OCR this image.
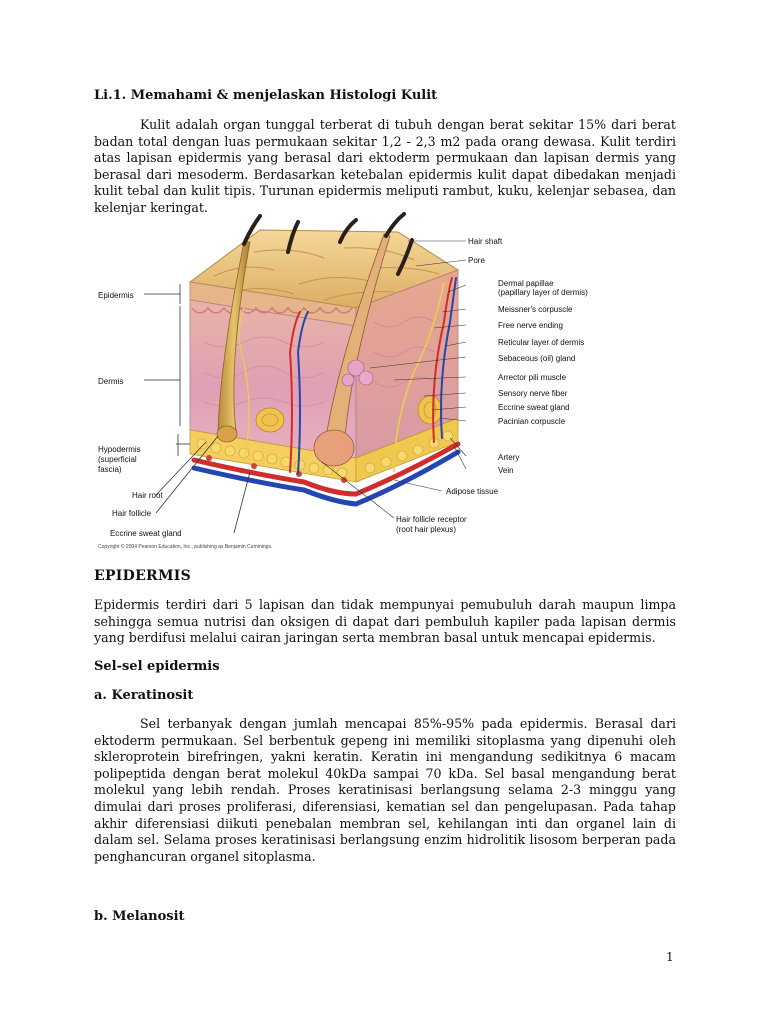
Li.1. Memahami & menjelaskan Histologi Kulit

Kulit adalah organ tunggal terberat di tubuh dengan berat sekitar 15% dari berat badan total dengan luas permukaan sekitar 1,2 - 2,3 m2 pada orang dewasa. Kulit terdiri atas lapisan epidermis yang berasal dari ektoderm permukaan dan lapisan dermis yang berasal dari mesoderm. Berdasarkan ketebalan epidermis kulit dapat dibedakan menjadi kulit tebal dan kulit tipis. Turunan epidermis meliputi rambut, kuku, kelenjar sebasea, dan kelenjar keringat.

Epidermis
Dermis
Hypodermis
(superficial
fascia)
Hair root
Hair follicle
Eccrine sweat gland
Hair shaft
Pore
Dermal papillae
(papillary layer of dermis)
Meissner's corpuscle
Free nerve ending
Reticular layer of dermis
Sebaceous (oil) gland
Arrector pili muscle
Sensory nerve fiber
Eccrine sweat gland
Pacinian corpuscle
Artery
Vein
Adipose tissue
Hair follicle receptor
(root hair plexus)
Copyright © 2004 Pearson Education, Inc., publishing as Benjamin Cummings.
EPIDERMIS

Epidermis terdiri dari 5 lapisan dan tidak mempunyai pemubuluh darah maupun limpa sehingga semua nutrisi dan oksigen di dapat dari pembuluh kapiler pada lapisan dermis yang berdifusi melalui cairan jaringan serta membran basal untuk mencapai epidermis.

Sel-sel epidermis
a. Keratinosit

Sel terbanyak dengan jumlah mencapai 85%-95% pada epidermis. Berasal dari ektoderm permukaan. Sel berbentuk gepeng ini memiliki sitoplasma yang dipenuhi oleh skleroprotein birefringen, yakni keratin. Keratin ini mengandung sedikitnya 6 macam polipeptida dengan berat molekul 40kDa sampai 70 kDa. Sel basal mengandung berat molekul yang lebih rendah. Proses keratinisasi berlangsung selama 2-3 minggu yang dimulai dari proses proliferasi, diferensiasi, kematian sel dan pengelupasan. Pada tahap akhir diferensiasi diikuti penebalan membran sel, kehilangan inti dan organel lain di dalam sel. Selama proses keratinisasi berlangsung enzim hidrolitik lisosom berperan pada penghancuran organel sitoplasma.

b. Melanosit
1
